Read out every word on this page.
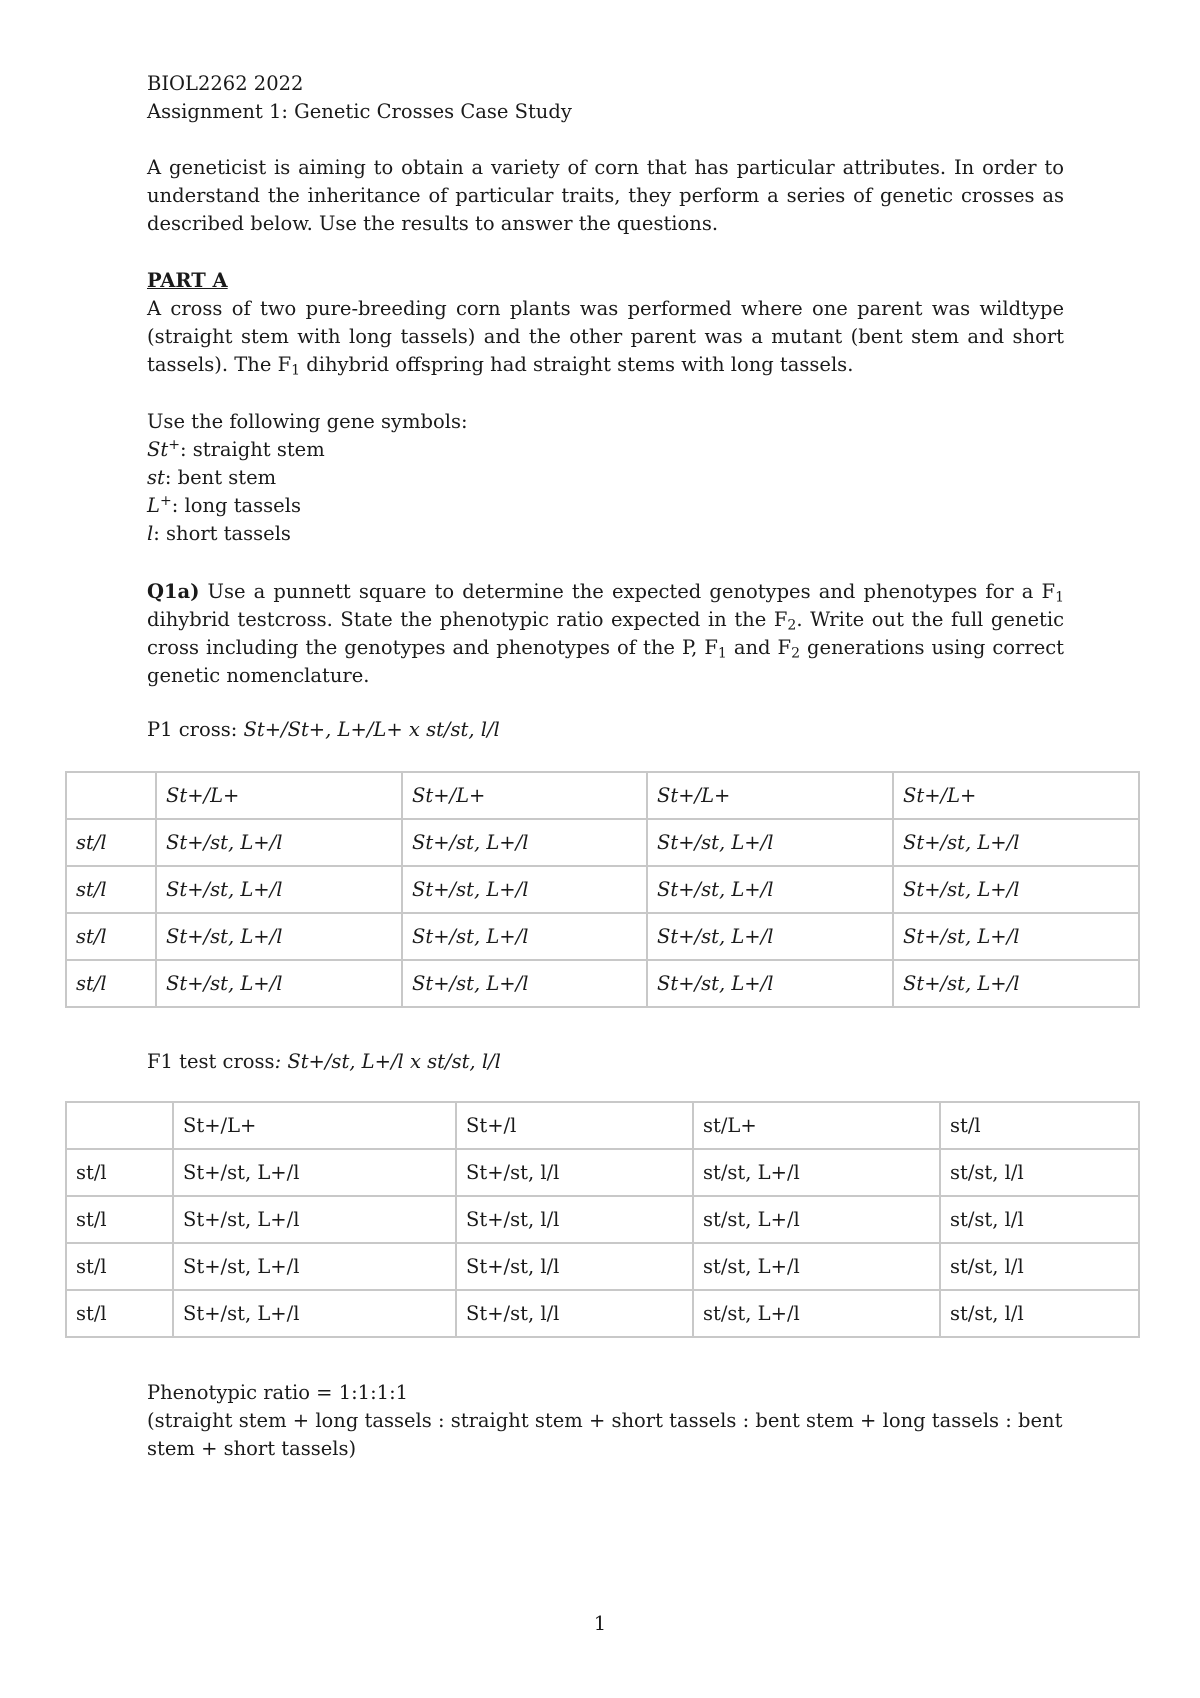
BIOL2262 2022
Assignment 1: Genetic Crosses Case Study
A geneticist is aiming to obtain a variety of corn that has particular attributes. In order to
understand the inheritance of particular traits, they perform a series of genetic crosses as
described below. Use the results to answer the questions.
PART A
A cross of two pure-breeding corn plants was performed where one parent was wildtype
(straight stem with long tassels) and the other parent was a mutant (bent stem and short
tassels). The $F_1$ dihybrid offspring had straight stems with long tassels.
Use the following gene symbols:
St+: straight stem
st: bent stem
L+: long tassels
l: short tassels
Q1a) Use a punnett square to determine the expected genotypes and phenotypes for a $F_1$
dihybrid testcross. State the phenotypic ratio expected in the $F_2$. Write out the full genetic
cross including the genotypes and phenotypes of the P, $F_1$ and $F_2$ generations using correct
genetic nomenclature.
P1 cross: St+/St+, L+/L+ x st/st, l/l
	St+/L+	St+/L+	St+/L+	St+/L+
st/l	St+/st, L+/l	St+/st, L+/l	St+/st, L+/l	St+/st, L+/l
st/l	St+/st, L+/l	St+/st, L+/l	St+/st, L+/l	St+/st, L+/l
st/l	St+/st, L+/l	St+/st, L+/l	St+/st, L+/l	St+/st, L+/l
st/l	St+/st, L+/l	St+/st, L+/l	St+/st, L+/l	St+/st, L+/l
F1 test cross: St+/st, L+/l x st/st, l/l
	St+/L+	St+/l	st/L+	st/l
st/l	St+/st, L+/l	St+/st, l/l	st/st, L+/l	st/st, l/l
st/l	St+/st, L+/l	St+/st, l/l	st/st, L+/l	st/st, l/l
st/l	St+/st, L+/l	St+/st, l/l	st/st, L+/l	st/st, l/l
st/l	St+/st, L+/l	St+/st, l/l	st/st, L+/l	st/st, l/l
Phenotypic ratio = 1:1:1:1
(straight stem + long tassels : straight stem + short tassels : bent stem + long tassels : bent
stem + short tassels)
1
